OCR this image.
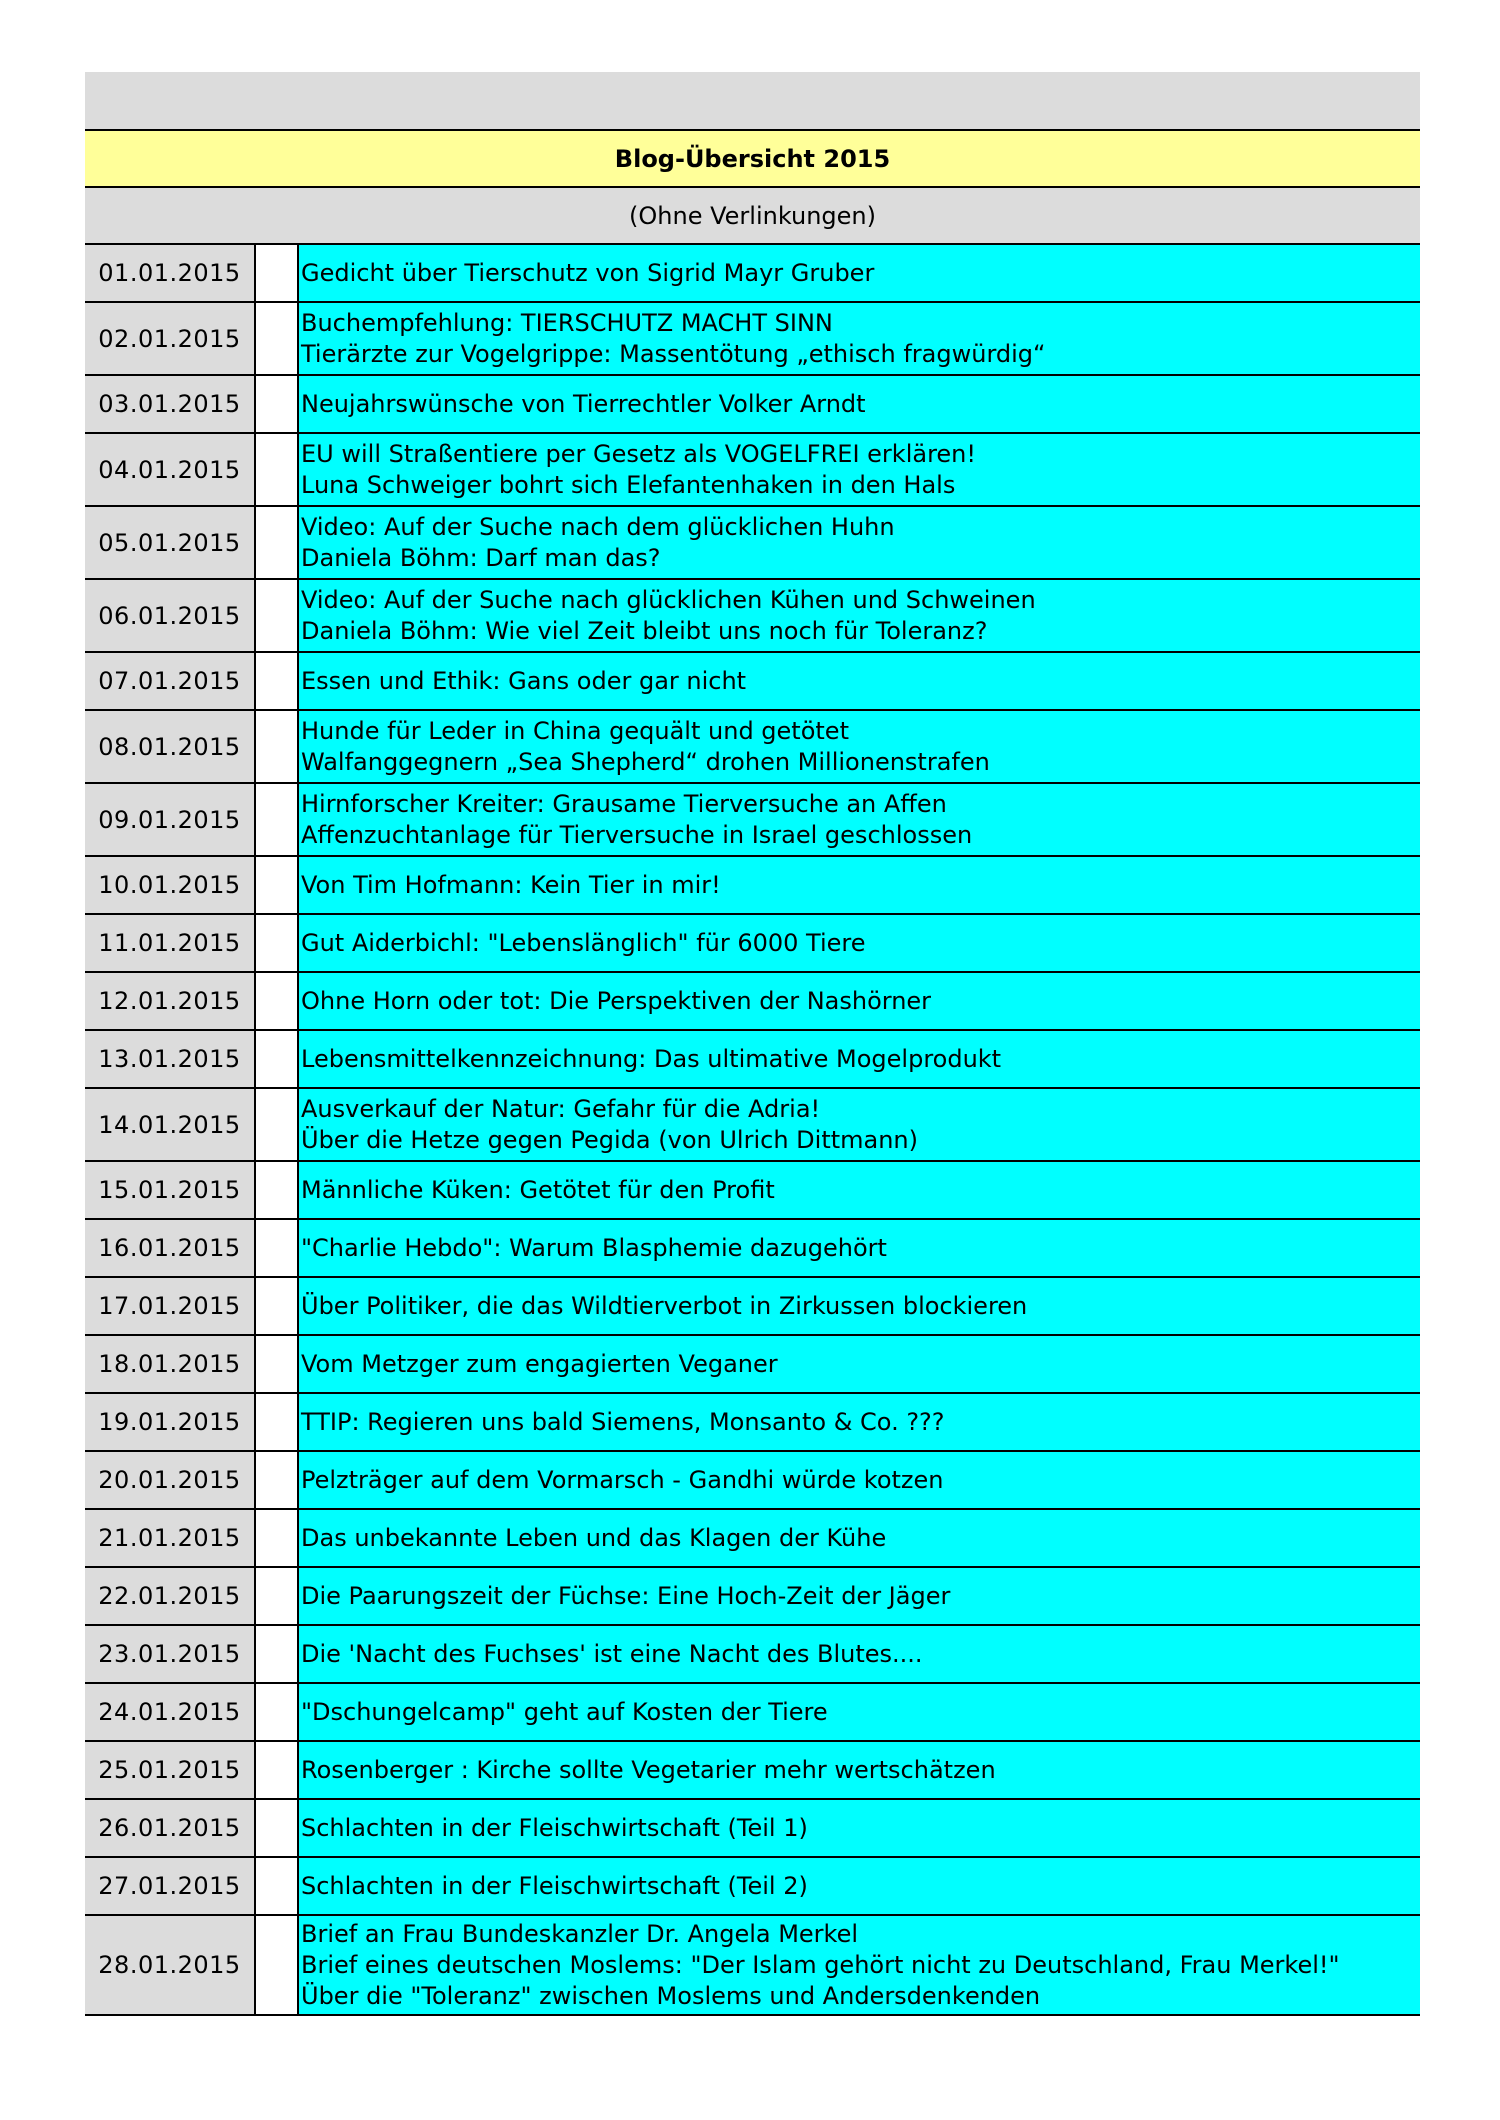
Blog-Übersicht 2015
(Ohne Verlinkungen)
01.01.2015	Gedicht über Tierschutz von Sigrid Mayr Gruber
02.01.2015
Buchempfehlung: TIERSCHUTZ MACHT SINN
Tierärzte zur Vogelgrippe: Massentötung „ethisch fragwürdig“
03.01.2015	Neujahrswünsche von Tierrechtler Volker Arndt
04.01.2015
EU will Straßentiere per Gesetz als VOGELFREI erklären!
Luna Schweiger bohrt sich Elefantenhaken in den Hals
05.01.2015
Video: Auf der Suche nach dem glücklichen Huhn
Daniela Böhm: Darf man das?
06.01.2015
Video: Auf der Suche nach glücklichen Kühen und Schweinen
Daniela Böhm: Wie viel Zeit bleibt uns noch für Toleranz?
07.01.2015	Essen und Ethik: Gans oder gar nicht
08.01.2015
Hunde für Leder in China gequält und getötet
Walfanggegnern „Sea Shepherd“ drohen Millionenstrafen
09.01.2015
Hirnforscher Kreiter: Grausame Tierversuche an Affen
Affenzuchtanlage für Tierversuche in Israel geschlossen
10.01.2015	Von Tim Hofmann: Kein Tier in mir!
11.01.2015	Gut Aiderbichl: "Lebenslänglich" für 6000 Tiere
12.01.2015	Ohne Horn oder tot: Die Perspektiven der Nashörner
13.01.2015	Lebensmittelkennzeichnung: Das ultimative Mogelprodukt
14.01.2015
Ausverkauf der Natur: Gefahr für die Adria!
Über die Hetze gegen Pegida (von Ulrich Dittmann)
15.01.2015	Männliche Küken: Getötet für den Profit
16.01.2015	"Charlie Hebdo": Warum Blasphemie dazugehört
17.01.2015	Über Politiker, die das Wildtierverbot in Zirkussen blockieren
18.01.2015	Vom Metzger zum engagierten Veganer
19.01.2015	TTIP: Regieren uns bald Siemens, Monsanto & Co. ???
20.01.2015	Pelzträger auf dem Vormarsch - Gandhi würde kotzen
21.01.2015	Das unbekannte Leben und das Klagen der Kühe
22.01.2015	Die Paarungszeit der Füchse: Eine Hoch-Zeit der Jäger
23.01.2015	Die 'Nacht des Fuchses' ist eine Nacht des Blutes....
24.01.2015	"Dschungelcamp" geht auf Kosten der Tiere
25.01.2015	Rosenberger : Kirche sollte Vegetarier mehr wertschätzen
26.01.2015	Schlachten in der Fleischwirtschaft (Teil 1)
27.01.2015	Schlachten in der Fleischwirtschaft (Teil 2)
28.01.2015
Brief an Frau Bundeskanzler Dr. Angela Merkel
Brief eines deutschen Moslems: "Der Islam gehört nicht zu Deutschland, Frau Merkel!"
Über die "Toleranz" zwischen Moslems und Andersdenkenden
